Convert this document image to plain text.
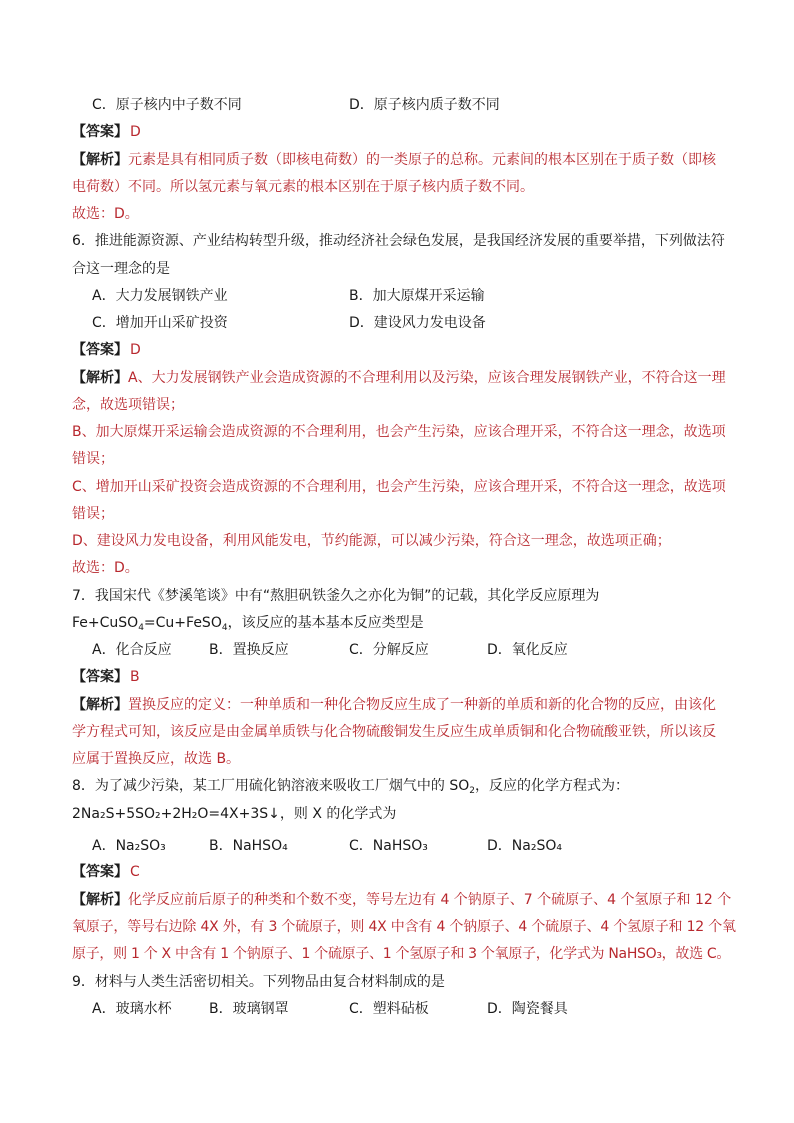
C．原子核内中子数不同	D．原子核内质子数不同
【答案】 D
【解析】元素是具有相同质子数（即核电荷数）的一类原子的总称。元素间的根本区别在于质子数（即核
电荷数）不同。所以氢元素与氧元素的根本区别在于原子核内质子数不同。
故选：D。
6．推进能源资源、产业结构转型升级，推动经济社会绿色发展，是我国经济发展的重要举措，下列做法符
合这一理念的是
A．大力发展钢铁产业	B．加大原煤开采运输
C．增加开山采矿投资	D．建设风力发电设备
【答案】 D
【解析】A、大力发展钢铁产业会造成资源的不合理利用以及污染，应该合理发展钢铁产业，不符合这一理
念，故选项错误；
B、加大原煤开采运输会造成资源的不合理利用，也会产生污染，应该合理开采，不符合这一理念，故选项
错误；
C、增加开山采矿投资会造成资源的不合理利用，也会产生污染，应该合理开采，不符合这一理念，故选项
错误；
D、建设风力发电设备，利用风能发电，节约能源，可以减少污染，符合这一理念，故选项正确；
故选：D。
7．我国宋代《梦溪笔谈》中有“熬胆矾铁釜久之亦化为铜”的记载，其化学反应原理为
Fe+CuSO$_4$=Cu+FeSO$_4$，该反应的基本基本反应类型是
A．化合反应	B．置换反应	C．分解反应	D．氧化反应
【答案】 B
【解析】置换反应的定义：一种单质和一种化合物反应生成了一种新的单质和新的化合物的反应，由该化
学方程式可知，该反应是由金属单质铁与化合物硫酸铜发生反应生成单质铜和化合物硫酸亚铁，所以该反
应属于置换反应，故选 B。
8．为了减少污染，某工厂用硫化钠溶液来吸收工厂烟气中的 $SO_2$，反应的化学方程式为：
2Na₂S+5SO₂+2H₂O=4X+3S↓，则 X 的化学式为
A．Na₂SO₃	B．NaHSO₄	C．NaHSO₃	D．Na₂SO₄
【答案】 C
【解析】化学反应前后原子的种类和个数不变，等号左边有 4 个钠原子、7 个硫原子、4 个氢原子和 12 个
氧原子，等号右边除 4X 外，有 3 个硫原子，则 4X 中含有 4 个钠原子、4 个硫原子、4 个氢原子和 12 个氧
原子，则 1 个 X 中含有 1 个钠原子、1 个硫原子、1 个氢原子和 3 个氧原子，化学式为 NaHSO₃，故选 C。
9．材料与人类生活密切相关。下列物品由复合材料制成的是
A．玻璃水杯	B．玻璃钢罩	C．塑料砧板	D．陶瓷餐具
